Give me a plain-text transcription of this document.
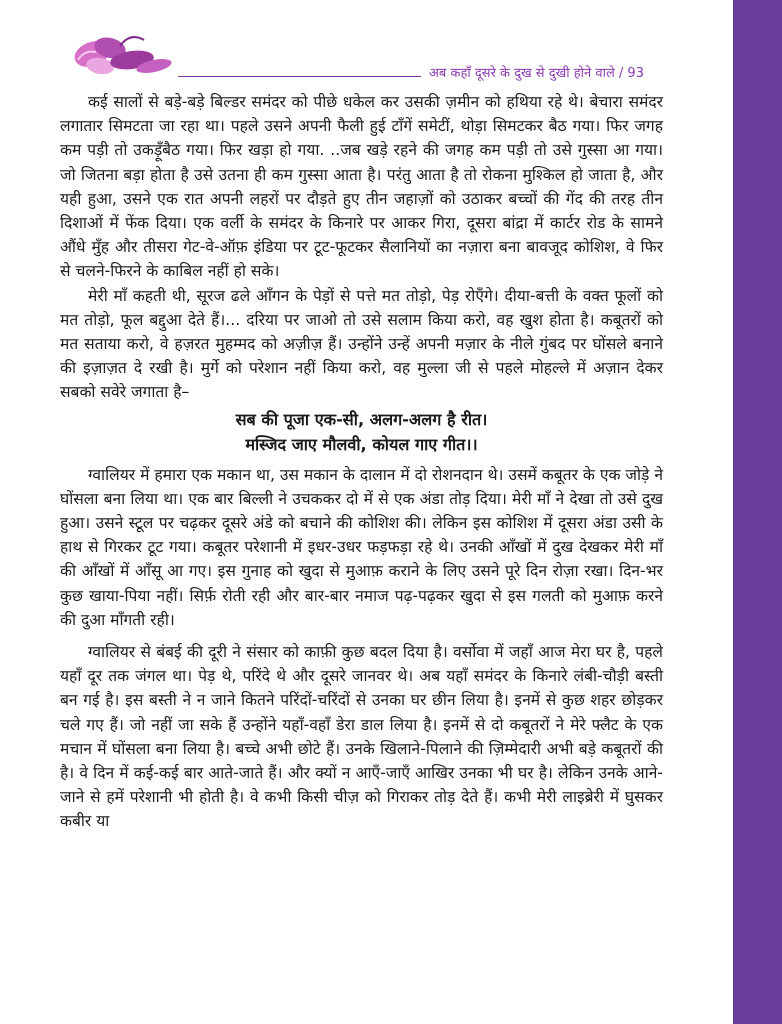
अब कहाँ दूसरे के दुख से दुखी होने वाले / 93

कई सालों से बड़े-बड़े बिल्डर समंदर को पीछे धकेल कर उसकी ज़मीन को हथिया रहे थे। बेचारा समंदर लगातार सिमटता जा रहा था। पहले उसने अपनी फैली हुई टाँगें समेटीं, थोड़ा सिमटकर बैठ गया। फिर जगह कम पड़ी तो उकड़ूँबैठ गया। फिर खड़ा हो गया. ..जब खड़े रहने की जगह कम पड़ी तो उसे गुस्सा आ गया। जो जितना बड़ा होता है उसे उतना ही कम गुस्सा आता है। परंतु आता है तो रोकना मुश्किल हो जाता है, और यही हुआ, उसने एक रात अपनी लहरों पर दौड़ते हुए तीन जहाज़ों को उठाकर बच्चों की गेंद की तरह तीन दिशाओं में फेंक दिया। एक वर्ली के समंदर के किनारे पर आकर गिरा, दूसरा बांद्रा में कार्टर रोड के सामने औंधे मुँह और तीसरा गेट-वे-ऑफ़ इंडिया पर टूट-फूटकर सैलानियों का नज़ारा बना बावजूद कोशिश, वे फिर से चलने-फिरने के काबिल नहीं हो सके।

मेरी माँ कहती थी, सूरज ढले आँगन के पेड़ों से पत्ते मत तोड़ो, पेड़ रोएँगे। दीया-बत्ती के वक्त फूलों को मत तोड़ो, फूल बद्दुआ देते हैं।... दरिया पर जाओ तो उसे सलाम किया करो, वह खुश होता है। कबूतरों को मत सताया करो, वे हज़रत मुहम्मद को अज़ीज़ हैं। उन्होंने उन्हें अपनी मज़ार के नीले गुंबद पर घोंसले बनाने की इज़ाज़त दे रखी है। मुर्गे को परेशान नहीं किया करो, वह मुल्ला जी से पहले मोहल्ले में अज़ान देकर सबको सवेरे जगाता है–

सब की पूजा एक-सी, अलग-अलग है रीत।
मस्जिद जाए मौलवी, कोयल गाए गीत।।

ग्वालियर में हमारा एक मकान था, उस मकान के दालान में दो रोशनदान थे। उसमें कबूतर के एक जोड़े ने घोंसला बना लिया था। एक बार बिल्ली ने उचककर दो में से एक अंडा तोड़ दिया। मेरी माँ ने देखा तो उसे दुख हुआ। उसने स्टूल पर चढ़कर दूसरे अंडे को बचाने की कोशिश की। लेकिन इस कोशिश में दूसरा अंडा उसी के हाथ से गिरकर टूट गया। कबूतर परेशानी में इधर-उधर फड़फड़ा रहे थे। उनकी आँखों में दुख देखकर मेरी माँ की आँखों में आँसू आ गए। इस गुनाह को खुदा से मुआफ़ कराने के लिए उसने पूरे दिन रोज़ा रखा। दिन-भर कुछ खाया-पिया नहीं। सिर्फ़ रोती रही और बार-बार नमाज पढ़-पढ़कर खुदा से इस गलती को मुआफ़ करने की दुआ माँगती रही।

ग्वालियर से बंबई की दूरी ने संसार को काफ़ी कुछ बदल दिया है। वर्सोवा में जहाँ आज मेरा घर है, पहले यहाँ दूर तक जंगल था। पेड़ थे, परिंदे थे और दूसरे जानवर थे। अब यहाँ समंदर के किनारे लंबी-चौड़ी बस्ती बन गई है। इस बस्ती ने न जाने कितने परिंदों-चरिंदों से उनका घर छीन लिया है। इनमें से कुछ शहर छोड़कर चले गए हैं। जो नहीं जा सके हैं उन्होंने यहाँ-वहाँ डेरा डाल लिया है। इनमें से दो कबूतरों ने मेरे फ्लैट के एक मचान में घोंसला बना लिया है। बच्चे अभी छोटे हैं। उनके खिलाने-पिलाने की ज़िम्मेदारी अभी बड़े कबूतरों की है। वे दिन में कई-कई बार आते-जाते हैं। और क्यों न आएँ-जाएँ आखिर उनका भी घर है। लेकिन उनके आने-जाने से हमें परेशानी भी होती है। वे कभी किसी चीज़ को गिराकर तोड़ देते हैं। कभी मेरी लाइब्रेरी में घुसकर कबीर या
